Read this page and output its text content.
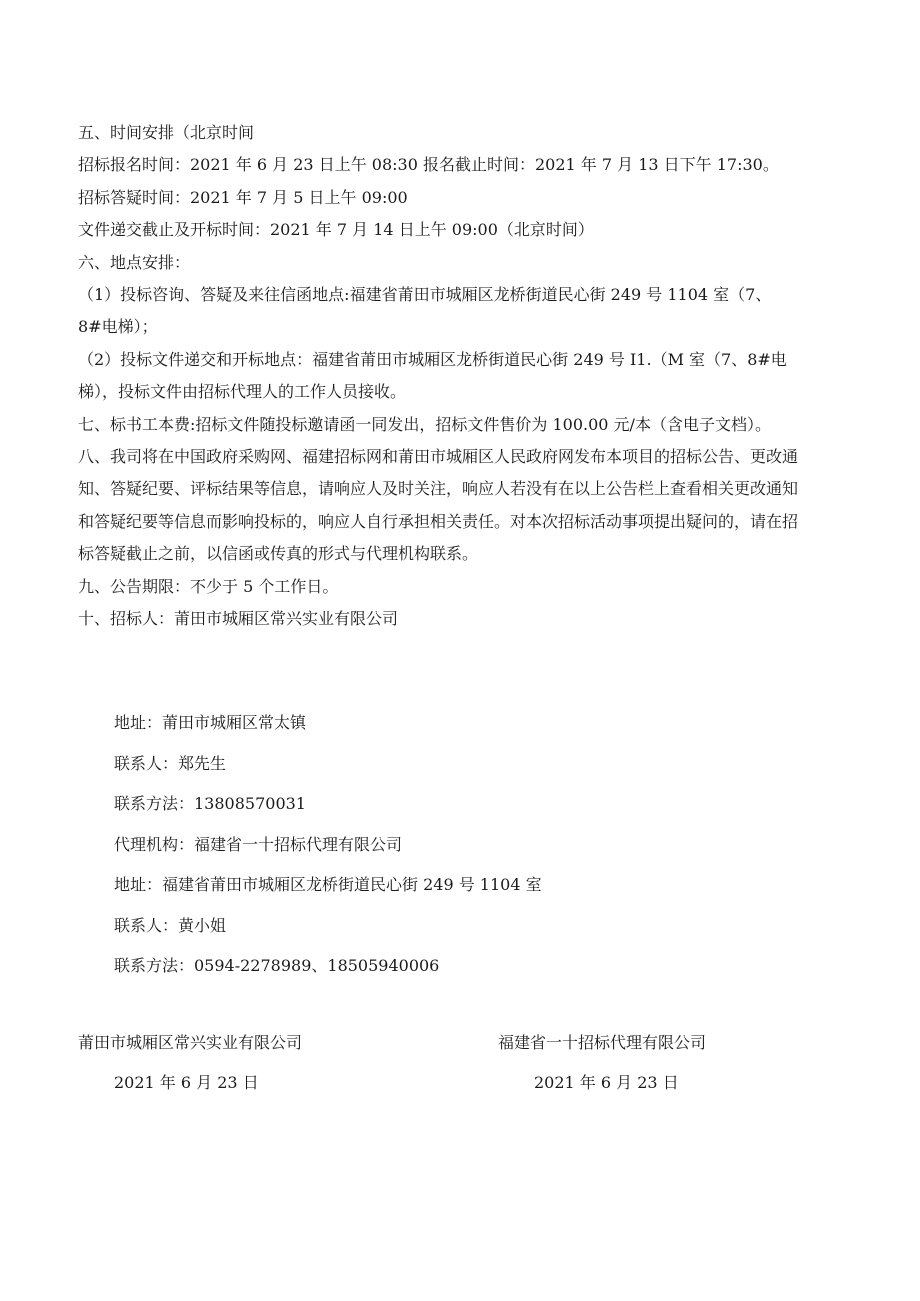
五、时间安排（北京时间
招标报名时间：2021 年 6 月 23 日上午 08:30 报名截止时间：2021 年 7 月 13 日下午 17:30。
招标答疑时间：2021 年 7 月 5 日上午 09:00
文件递交截止及开标时间：2021 年 7 月 14 日上午 09:00（北京时间）
六、地点安排：
（1）投标咨询、答疑及来往信函地点:福建省莆田市城厢区龙桥街道民心街 249 号 1104 室（7、
8#电梯）；
（2）投标文件递交和开标地点：福建省莆田市城厢区龙桥街道民心街 249 号 I1.（M 室（7、8#电
梯），投标文件由招标代理人的工作人员接收。
七、标书工本费:招标文件随投标邀请函一同发出，招标文件售价为 100.00 元/本（含电子文档）。
八、我司将在中国政府采购网、福建招标网和莆田市城厢区人民政府网发布本项目的招标公告、更改通
知、答疑纪要、评标结果等信息，请响应人及时关注，响应人若没有在以上公告栏上查看相关更改通知
和答疑纪要等信息而影响投标的，响应人自行承担相关责任。对本次招标活动事项提出疑问的，请在招
标答疑截止之前，以信函或传真的形式与代理机构联系。
九、公告期限：不少于 5 个工作日。
十、招标人：莆田市城厢区常兴实业有限公司
地址：莆田市城厢区常太镇
联系人：郑先生
联系方法：13808570031
代理机构：福建省一十招标代理有限公司
地址：福建省莆田市城厢区龙桥街道民心街 249 号 1104 室
联系人：黄小姐
联系方法：0594-2278989、18505940006
莆田市城厢区常兴实业有限公司
2021 年 6 月 23 日
福建省一十招标代理有限公司
2021 年 6 月 23 日
